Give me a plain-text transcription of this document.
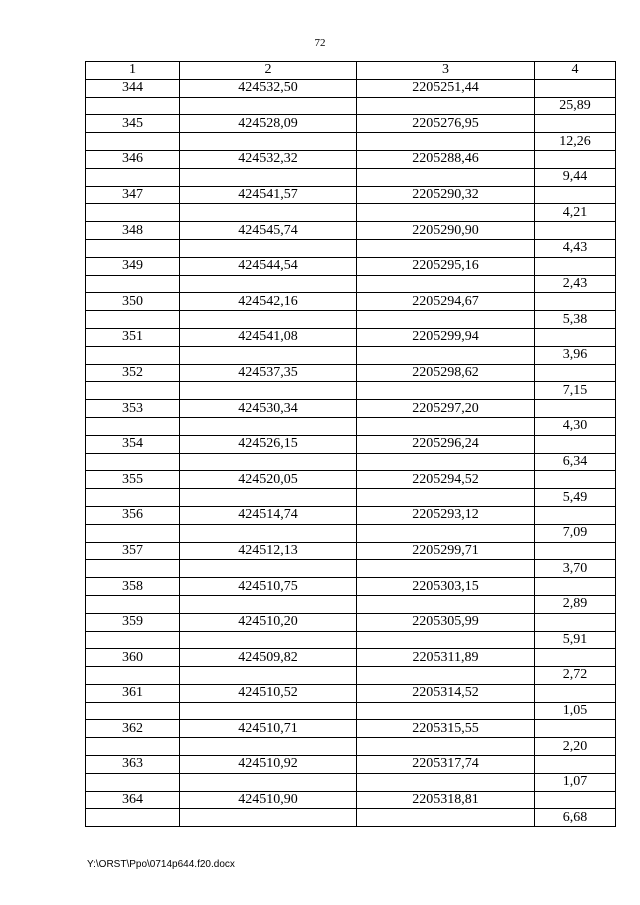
72
1	2	3	4
344	424532,50	2205251,44	
			25,89
345	424528,09	2205276,95	
			12,26
346	424532,32	2205288,46	
			9,44
347	424541,57	2205290,32	
			4,21
348	424545,74	2205290,90	
			4,43
349	424544,54	2205295,16	
			2,43
350	424542,16	2205294,67	
			5,38
351	424541,08	2205299,94	
			3,96
352	424537,35	2205298,62	
			7,15
353	424530,34	2205297,20	
			4,30
354	424526,15	2205296,24	
			6,34
355	424520,05	2205294,52	
			5,49
356	424514,74	2205293,12	
			7,09
357	424512,13	2205299,71	
			3,70
358	424510,75	2205303,15	
			2,89
359	424510,20	2205305,99	
			5,91
360	424509,82	2205311,89	
			2,72
361	424510,52	2205314,52	
			1,05
362	424510,71	2205315,55	
			2,20
363	424510,92	2205317,74	
			1,07
364	424510,90	2205318,81	
			6,68
Y:\ORST\Ppo\0714p644.f20.docx
